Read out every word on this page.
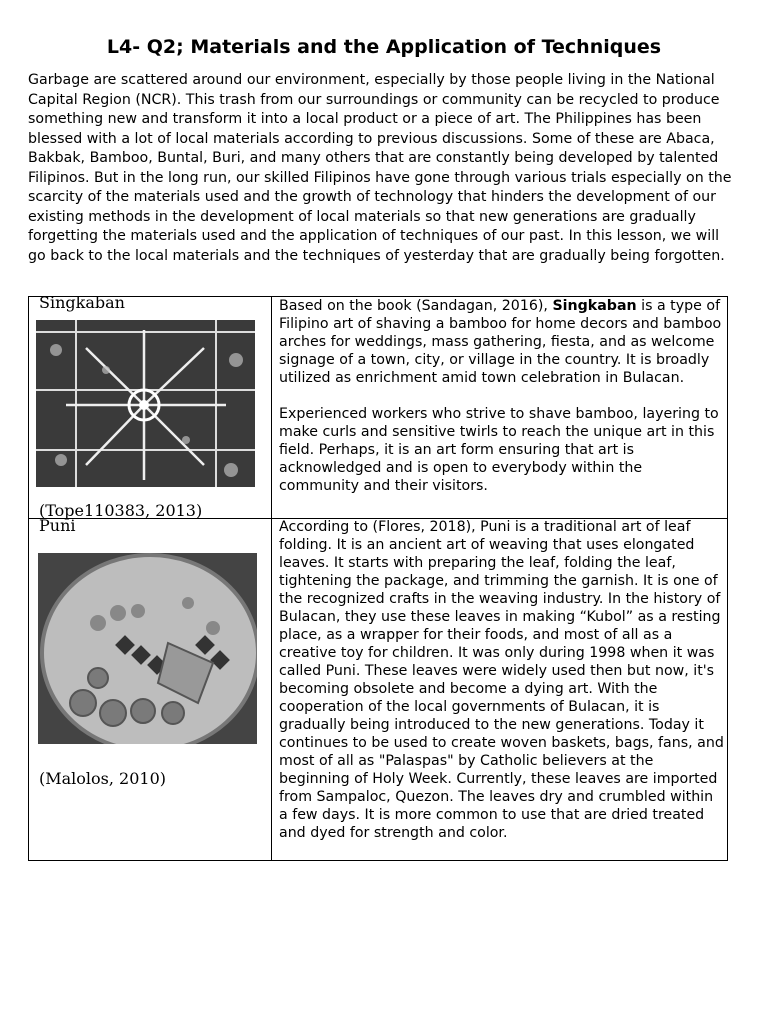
L4- Q2; Materials and the Application of Techniques
Garbage are scattered around our environment, especially by those people living in the National Capital Region (NCR). This trash from our surroundings or community can be recycled to produce something new and transform it into a local product or a piece of art. The Philippines has been blessed with a lot of local materials according to previous discussions. Some of these are Abaca, Bakbak, Bamboo, Buntal, Buri, and many others that are constantly being developed by talented Filipinos. But in the long run, our skilled Filipinos have gone through various trials especially on the scarcity of the materials used and the growth of technology that hinders the development of our existing methods in the development of local materials so that new generations are gradually forgetting the materials used and the application of techniques of our past. In this lesson, we will go back to the local materials and the techniques of yesterday that are gradually being forgotten.
Singkaban
(Tope110383, 2013)

Based on the book (Sandagan, 2016), Singkaban is a type of Filipino art of shaving a bamboo for home decors and bamboo arches for weddings, mass gathering, fiesta, and as welcome signage of a town, city, or village in the country. It is broadly utilized as enrichment amid town celebration in Bulacan.

Experienced workers who strive to shave bamboo, layering to make curls and sensitive twirls to reach the unique art in this field. Perhaps, it is an art form ensuring that art is acknowledged and is open to everybody within the community and their visitors.

Puni
(Malolos, 2010)
According to (Flores, 2018), Puni is a traditional art of leaf folding. It is an ancient art of weaving that uses elongated leaves. It starts with preparing the leaf, folding the leaf, tightening the package, and trimming the garnish. It is one of the recognized crafts in the weaving industry. In the history of Bulacan, they use these leaves in making “Kubol” as a resting place, as a wrapper for their foods, and most of all as a creative toy for children. It was only during 1998 when it was called Puni. These leaves were widely used then but now, it's becoming obsolete and become a dying art. With the cooperation of the local governments of Bulacan, it is gradually being introduced to the new generations. Today it continues to be used to create woven baskets, bags, fans, and most of all as "Palaspas" by Catholic believers at the beginning of Holy Week. Currently, these leaves are imported from Sampaloc, Quezon. The leaves dry and crumbled within a few days. It is more common to use that are dried treated and dyed for strength and color.
